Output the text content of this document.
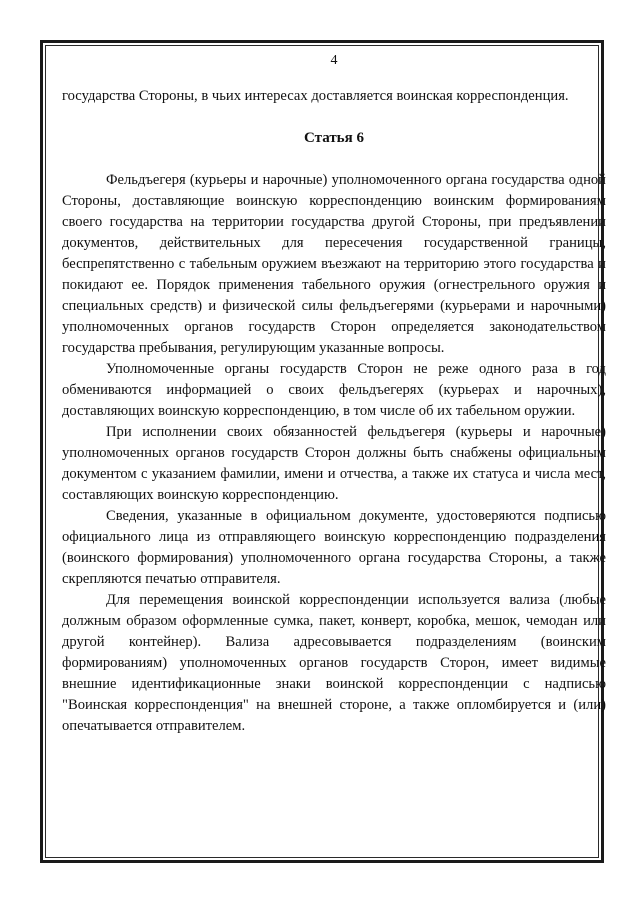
4

государства Стороны, в чьих интересах доставляется воинская корреспонденция.

Статья 6

Фельдъегеря (курьеры и нарочные) уполномоченного органа государства одной Стороны, доставляющие воинскую корреспонденцию воинским формированиям своего государства на территории государства другой Стороны, при предъявлении документов, действительных для пересечения государственной границы, беспрепятственно с табельным оружием въезжают на территорию этого государства и покидают ее. Порядок применения табельного оружия (огнестрельного оружия и специальных средств) и физической силы фельдъегерями (курьерами и нарочными) уполномоченных органов государств Сторон определяется законодательством государства пребывания, регулирующим указанные вопросы.

Уполномоченные органы государств Сторон не реже одного раза в год обмениваются информацией о своих фельдъегерях (курьерах и нарочных), доставляющих воинскую корреспонденцию, в том числе об их табельном оружии.

При исполнении своих обязанностей фельдъегеря (курьеры и нарочные) уполномоченных органов государств Сторон должны быть снабжены официальным документом с указанием фамилии, имени и отчества, а также их статуса и числа мест, составляющих воинскую корреспонденцию.

Сведения, указанные в официальном документе, удостоверяются подписью официального лица из отправляющего воинскую корреспонденцию подразделения (воинского формирования) уполномоченного органа государства Стороны, а также скрепляются печатью отправителя.

Для перемещения воинской корреспонденции используется вализа (любые должным образом оформленные сумка, пакет, конверт, коробка, мешок, чемодан или другой контейнер). Вализа адресовывается подразделениям (воинским формированиям) уполномоченных органов государств Сторон, имеет видимые внешние идентификационные знаки воинской корреспонденции с надписью "Воинская корреспонденция" на внешней стороне, а также опломбируется и (или) опечатывается отправителем.
